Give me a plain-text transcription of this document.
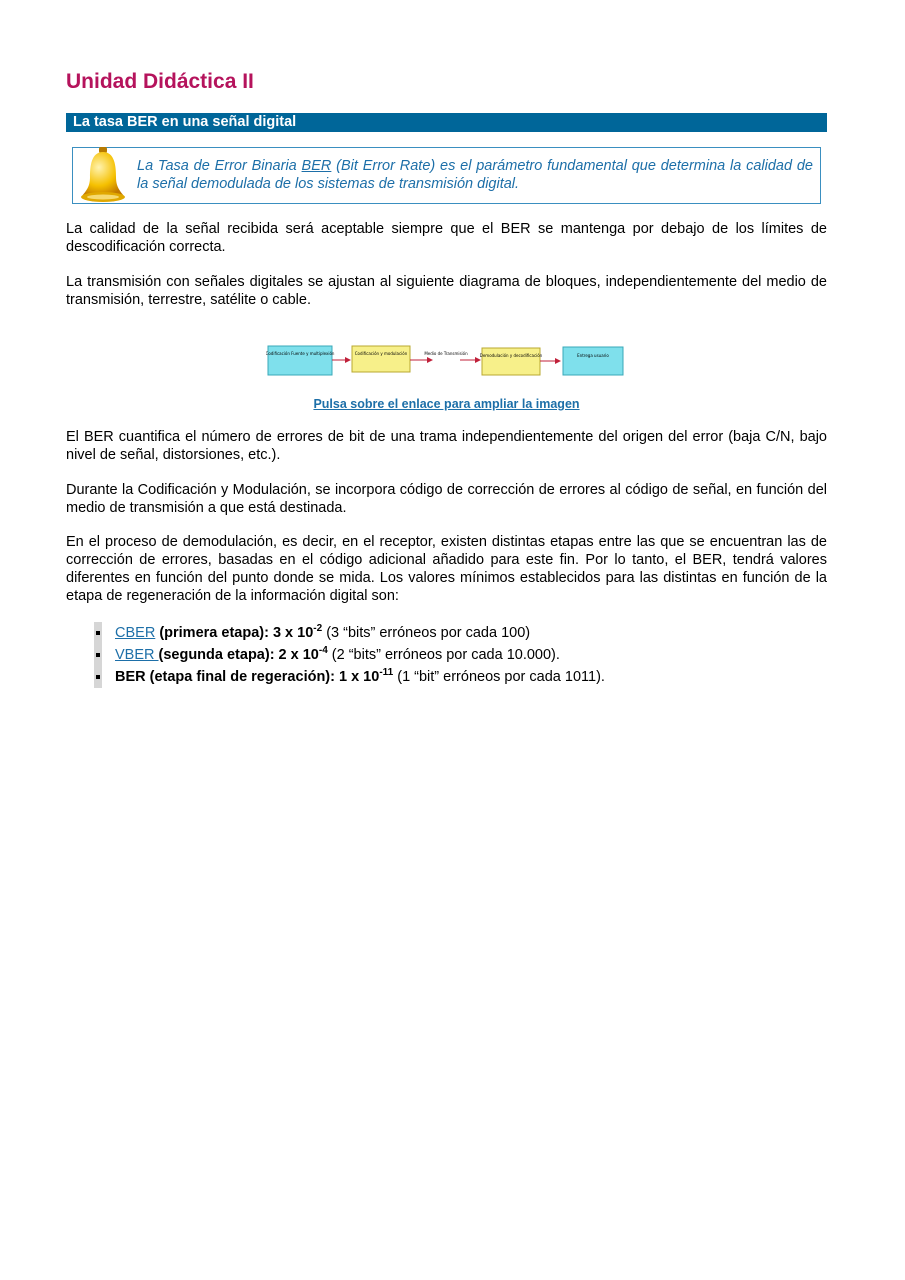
Unidad Didáctica II
La tasa BER en una señal digital

La Tasa de Error Binaria BER (Bit Error Rate) es el parámetro fundamental que determina la calidad de la señal demodulada de los sistemas de transmisión digital.

La calidad de la señal recibida será aceptable siempre que el BER se mantenga por debajo de los límites de descodificación correcta.

La transmisión con señales digitales se ajustan al siguiente diagrama de bloques, independientemente del medio de transmisión, terrestre, satélite o cable.

Codificación Fuente y multiplexión	Codificación y modulación	Medio de Transmisión	Demodulación y decodificación	Entrega usuario
Pulsa sobre el enlace para ampliar la imagen

El BER cuantifica el número de errores de bit de una trama independientemente del origen del error (baja C/N, bajo nivel de señal, distorsiones, etc.).

Durante la Codificación y Modulación, se incorpora código de corrección de errores al código de señal, en función del medio de transmisión a que está destinada.

En el proceso de demodulación, es decir, en el receptor, existen distintas etapas entre las que se encuentran las de corrección de errores, basadas en el código adicional añadido para este fin. Por lo tanto, el BER, tendrá valores diferentes en función del punto donde se mida. Los valores mínimos establecidos para las distintas en función de la etapa de regeneración de la información digital son:

CBER (primera etapa): 3 x $10^{-2}$ (3 “bits” erróneos por cada 100)
VBER (segunda etapa): 2 x $10^{-4}$ (2 “bits” erróneos por cada 10.000).
BER (etapa final de regeración): 1 x $10^{-11}$ (1 “bit” erróneos por cada 1011).
